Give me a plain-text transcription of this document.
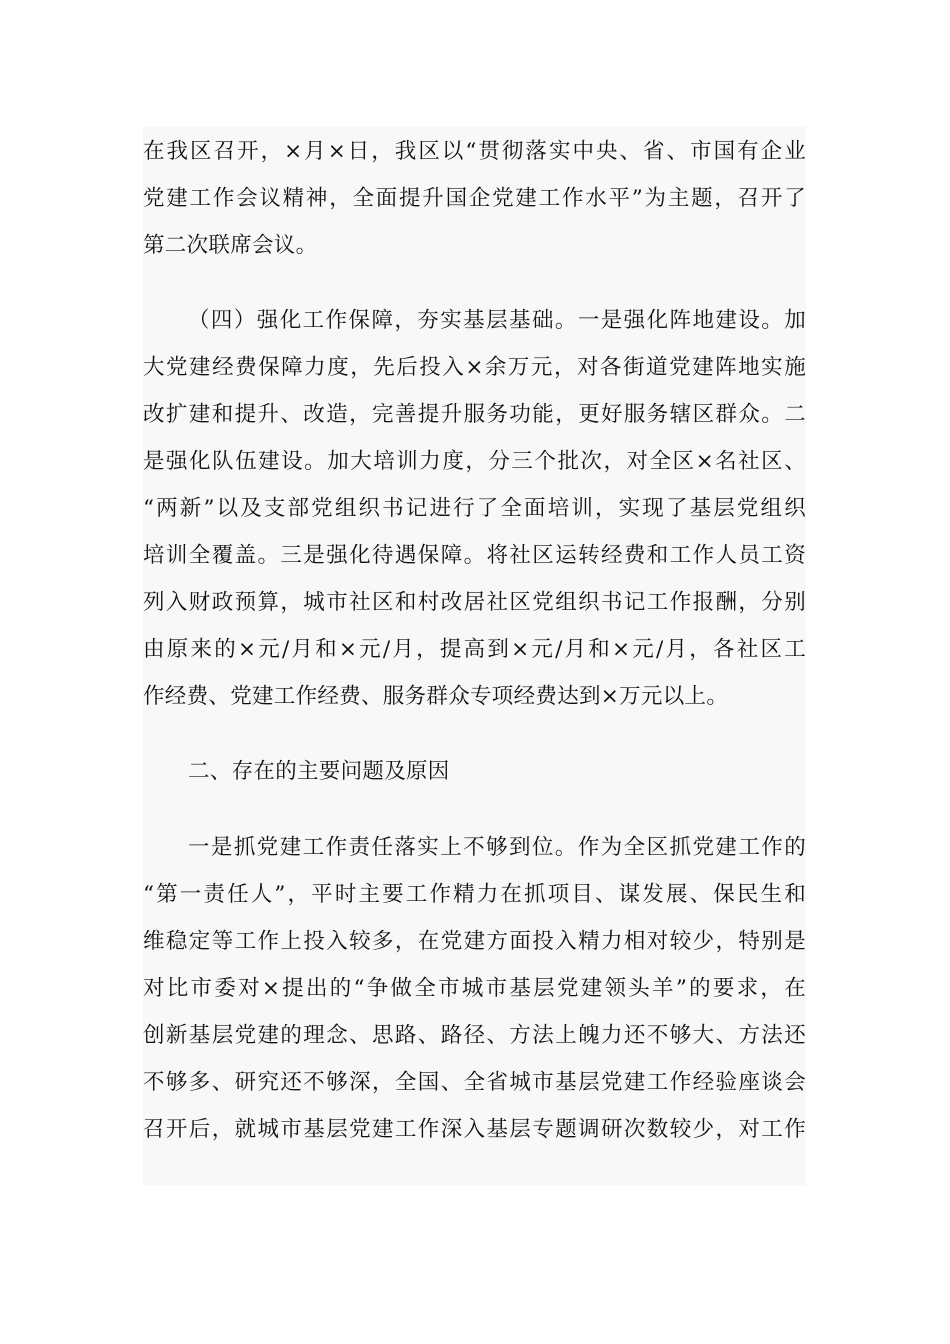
在我区召开，×月×日，我区以“贯彻落实中央、省、市国有企业
党建工作会议精神，全面提升国企党建工作水平”为主题，召开了
第二次联席会议。
（四）强化工作保障，夯实基层基础。一是强化阵地建设。加
大党建经费保障力度，先后投入×余万元，对各街道党建阵地实施
改扩建和提升、改造，完善提升服务功能，更好服务辖区群众。二
是强化队伍建设。加大培训力度，分三个批次，对全区×名社区、
“两新”以及支部党组织书记进行了全面培训，实现了基层党组织
培训全覆盖。三是强化待遇保障。将社区运转经费和工作人员工资
列入财政预算，城市社区和村改居社区党组织书记工作报酬，分别
由原来的×元/月和×元/月，提高到×元/月和×元/月，各社区工
作经费、党建工作经费、服务群众专项经费达到×万元以上。
二、存在的主要问题及原因
一是抓党建工作责任落实上不够到位。作为全区抓党建工作的
“第一责任人”，平时主要工作精力在抓项目、谋发展、保民生和
维稳定等工作上投入较多，在党建方面投入精力相对较少，特别是
对比市委对×提出的“争做全市城市基层党建领头羊”的要求，在
创新基层党建的理念、思路、路径、方法上魄力还不够大、方法还
不够多、研究还不够深，全国、全省城市基层党建工作经验座谈会
召开后，就城市基层党建工作深入基层专题调研次数较少，对工作
